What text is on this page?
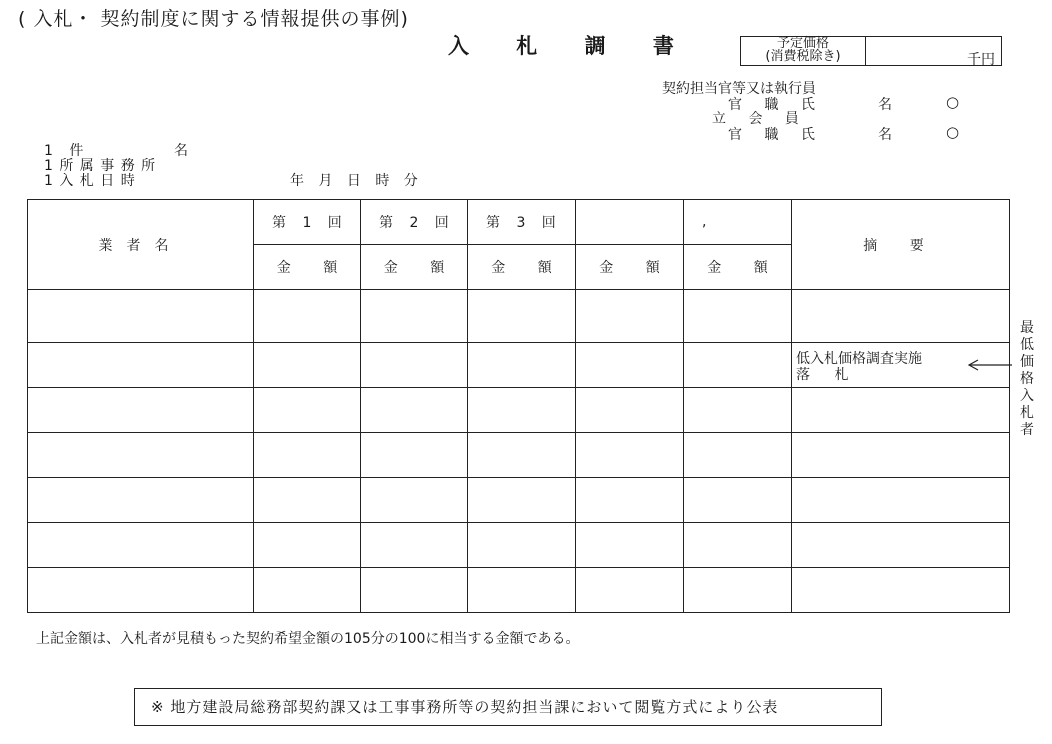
( 入札・ 契約制度に関する情報提供の事例)
入 札 調 書	予定価格
(消費税除き)	千円
契約担当官等又は執行員
官 職 氏	名	○
立 会 員
官 職 氏	名	○
1 件	名
1 所 属 事 務 所
1 入 札 日 時	年 月 日 時 分
業者名	第 1 回	第 2 回	第 3 回		,	摘 要
	金 額	金 額	金 額	金 額	金 額	

						低入札価格調査実施
落 札

最
低
価
格
入
札
者
上記金額は、入札者が見積もった契約希望金額の105分の100に相当する金額である。
※ 地方建設局総務部契約課又は工事事務所等の契約担当課において閲覧方式により公表
